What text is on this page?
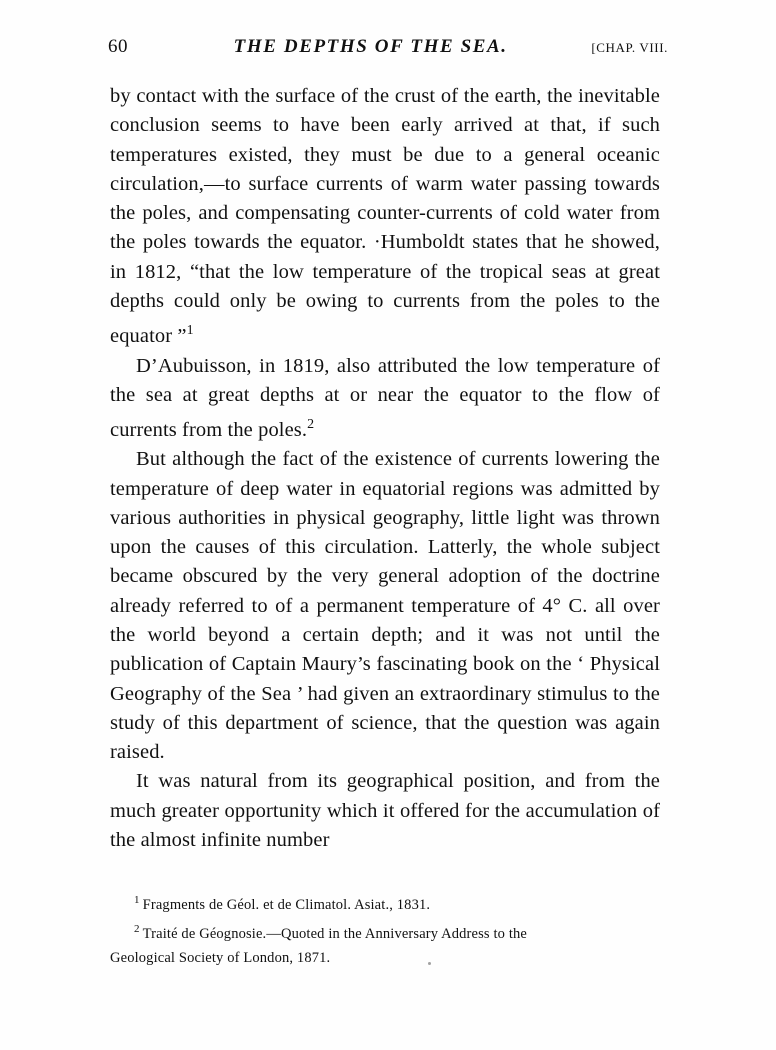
60	THE DEPTHS OF THE SEA.	[CHAP. VIII.

by contact with the surface of the crust of the earth, the inevitable conclusion seems to have been early arrived at that, if such temperatures existed, they must be due to a general oceanic circulation,—to surface currents of warm water passing towards the poles, and compensating counter-currents of cold water from the poles towards the equator. ·Humboldt states that he showed, in 1812, “that the low temperature of the tropical seas at great depths could only be owing to currents from the poles to the equator ”$^1$

D’Aubuisson, in 1819, also attributed the low temperature of the sea at great depths at or near the equator to the flow of currents from the poles.$^2$

But although the fact of the existence of currents lowering the temperature of deep water in equatorial regions was admitted by various authorities in physical geography, little light was thrown upon the causes of this circulation. Latterly, the whole subject became obscured by the very general adoption of the doctrine already referred to of a permanent temperature of 4° C. all over the world beyond a certain depth; and it was not until the publication of Captain Maury’s fascinating book on the ‘ Physical Geography of the Sea ’ had given an extraordinary stimulus to the study of this department of science, that the question was again raised.

It was natural from its geographical position, and from the much greater opportunity which it offered for the accumulation of the almost infinite number

$^1$ Fragments de Géol. et de Climatol. Asiat., 1831.

$^2$ Traité de Géognosie.—Quoted in the Anniversary Address to the

Geological Society of London, 1871.
